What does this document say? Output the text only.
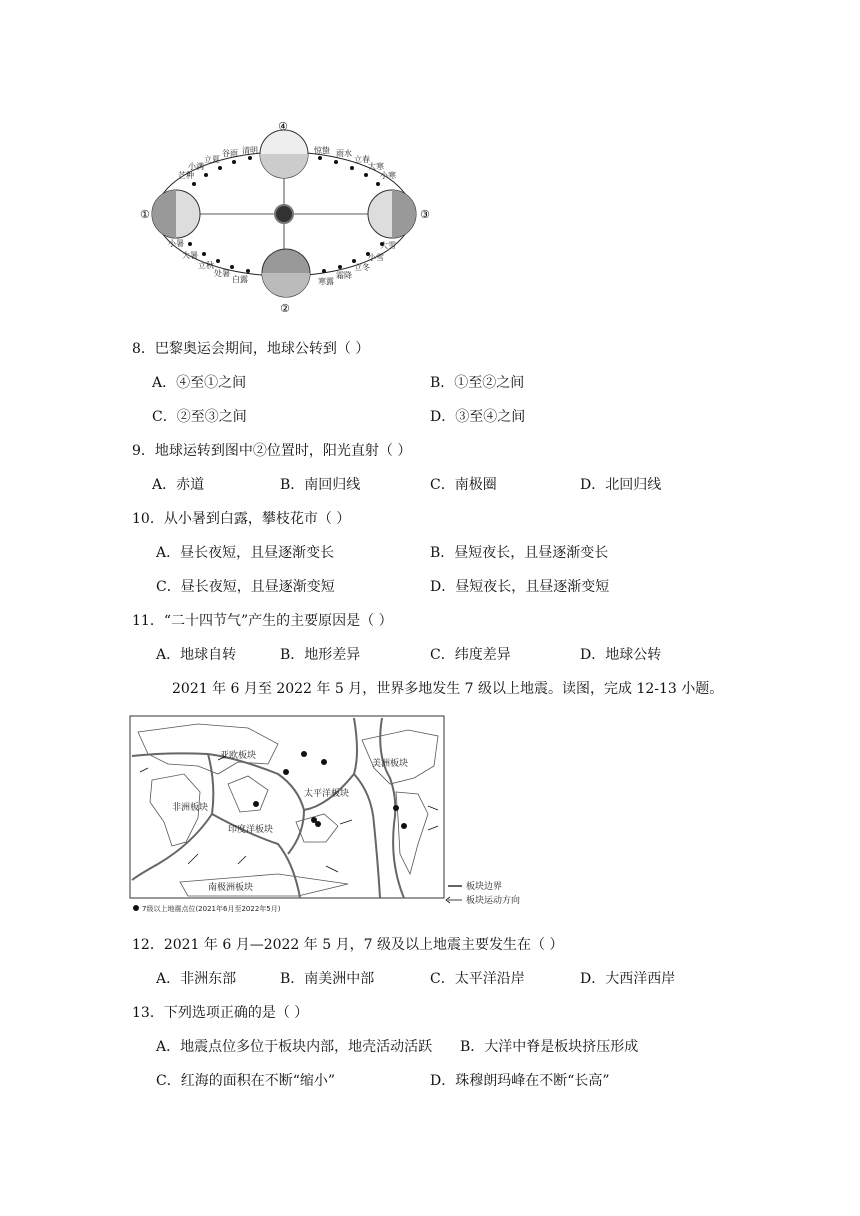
①
②
③
④
芒种
小满
立夏
谷雨 清明	惊蛰 雨水
立春
大寒
小寒
小暑
大暑
立秋
处暑
白露	寒露
霜降
立冬
小雪
大雪
8．巴黎奥运会期间，地球公转到（ ）
A．④至①之间	B．①至②之间
C．②至③之间	D．③至④之间
9．地球运转到图中②位置时，阳光直射（ ）
A．赤道	B．南回归线	C．南极圈	D．北回归线
10．从小暑到白露，攀枝花市（ ）
A．昼长夜短，且昼逐渐变长	B．昼短夜长，且昼逐渐变长
C．昼长夜短，且昼逐渐变短	D．昼短夜长，且昼逐渐变短
11．“二十四节气”产生的主要原因是（ ）
A．地球自转	B．地形差异	C．纬度差异	D．地球公转
2021 年 6 月至 2022 年 5 月，世界多地发生 7 级以上地震。读图，完成 12-13 小题。
亚欧板块
非洲板块
美洲板块
太平洋板块
印度洋板块
南极洲板块	板块边界
板块运动方向
7级以上地震点位(2021年6月至2022年5月)
12．2021 年 6 月—2022 年 5 月，7 级及以上地震主要发生在（ ）
A．非洲东部	B．南美洲中部	C．太平洋沿岸	D．大西洋西岸
13．下列选项正确的是（ ）
A．地震点位多位于板块内部，地壳活动活跃 B．大洋中脊是板块挤压形成
C．红海的面积在不断“缩小”	D．珠穆朗玛峰在不断“长高”
